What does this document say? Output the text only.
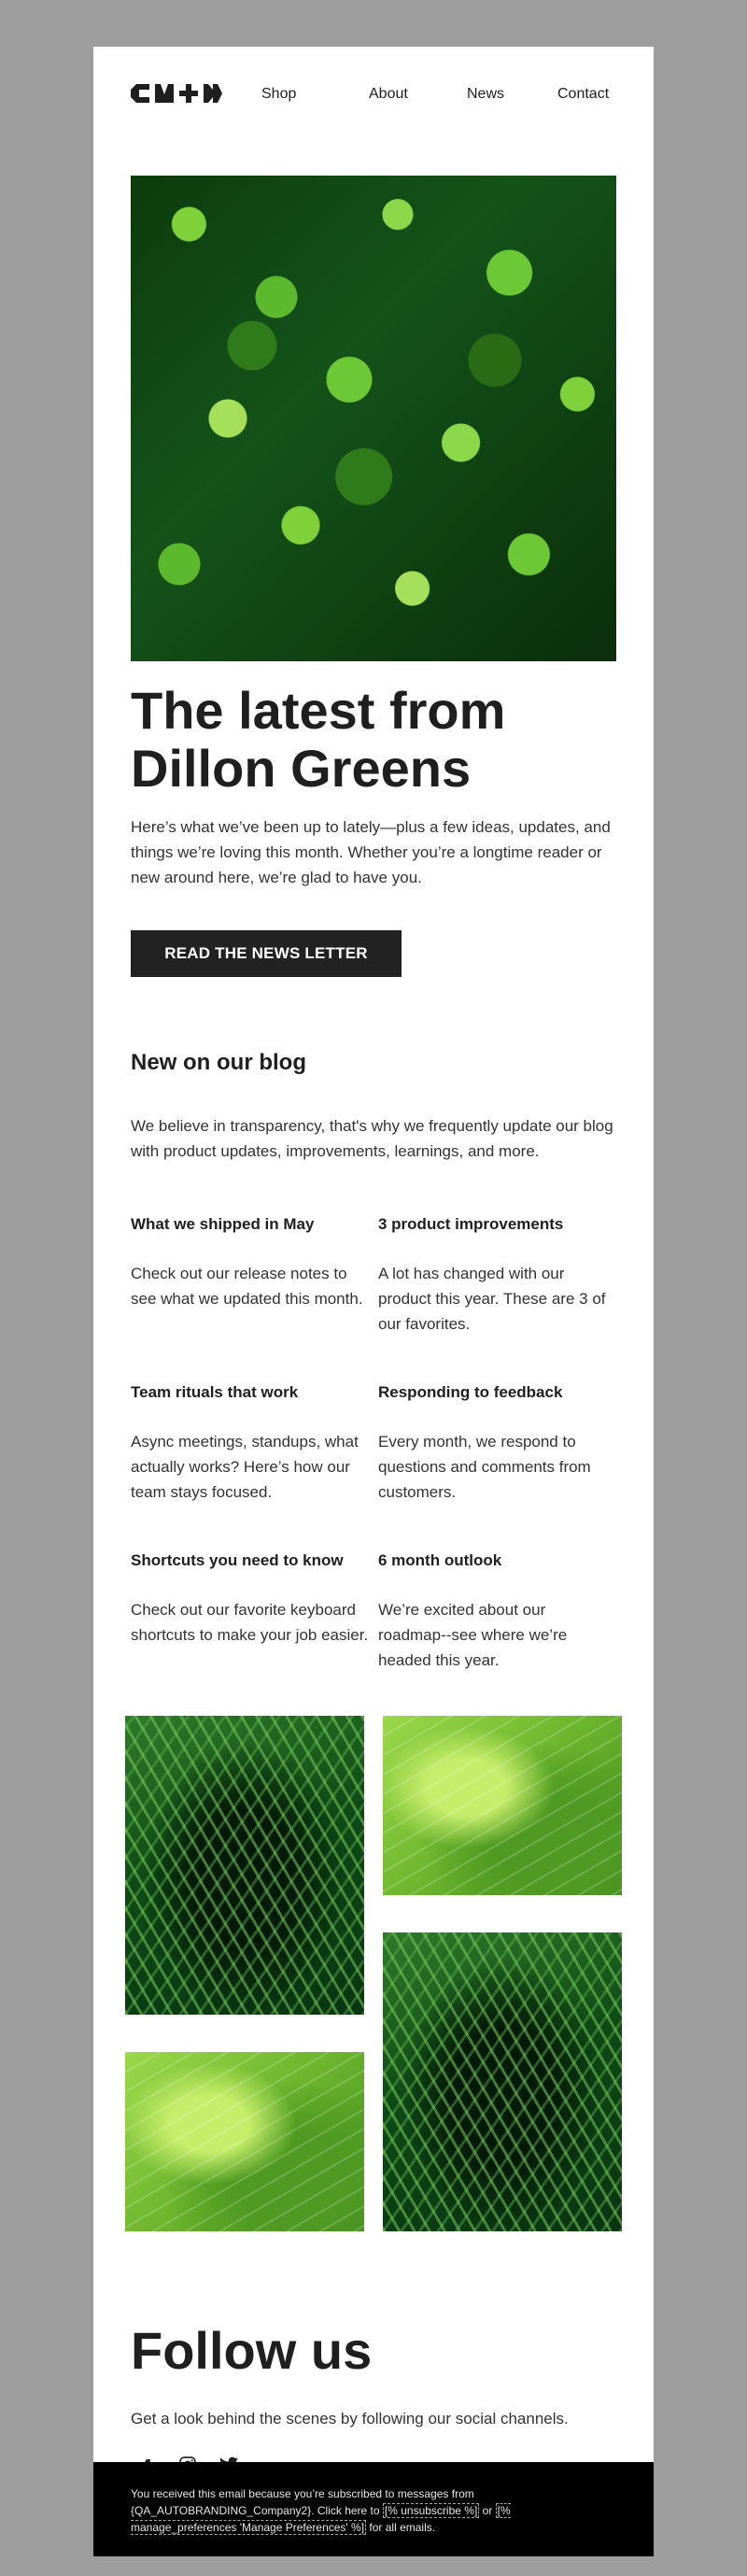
Shop	About	News	Contact
The latest from Dillon Greens

Here’s what we’ve been up to lately—plus a few ideas, updates, and things we’re loving this month. Whether you’re a longtime reader or new around here, we’re glad to have you.

READ THE NEWS LETTER
New on our blog

We believe in transparency, that's why we frequently update our blog with product updates, improvements, learnings, and more.

What we shipped in May

Check out our release notes to see what we updated this month.

3 product improvements

A lot has changed with our product this year. These are 3 of our favorites.

Team rituals that work

Async meetings, standups, what actually works? Here’s how our team stays focused.

Responding to feedback

Every month, we respond to questions and comments from customers.

Shortcuts you need to know

Check out our favorite keyboard shortcuts to make your job easier.

6 month outlook

We’re excited about our roadmap--see where we’re headed this year.

Follow us

Get a look behind the scenes by following our social channels.

You received this email because you’re subscribed to messages from {QA_AUTOBRANDING_Company2}. Click here to [% unsubscribe %] or [% manage_preferences 'Manage Preferences' %] for all emails.
